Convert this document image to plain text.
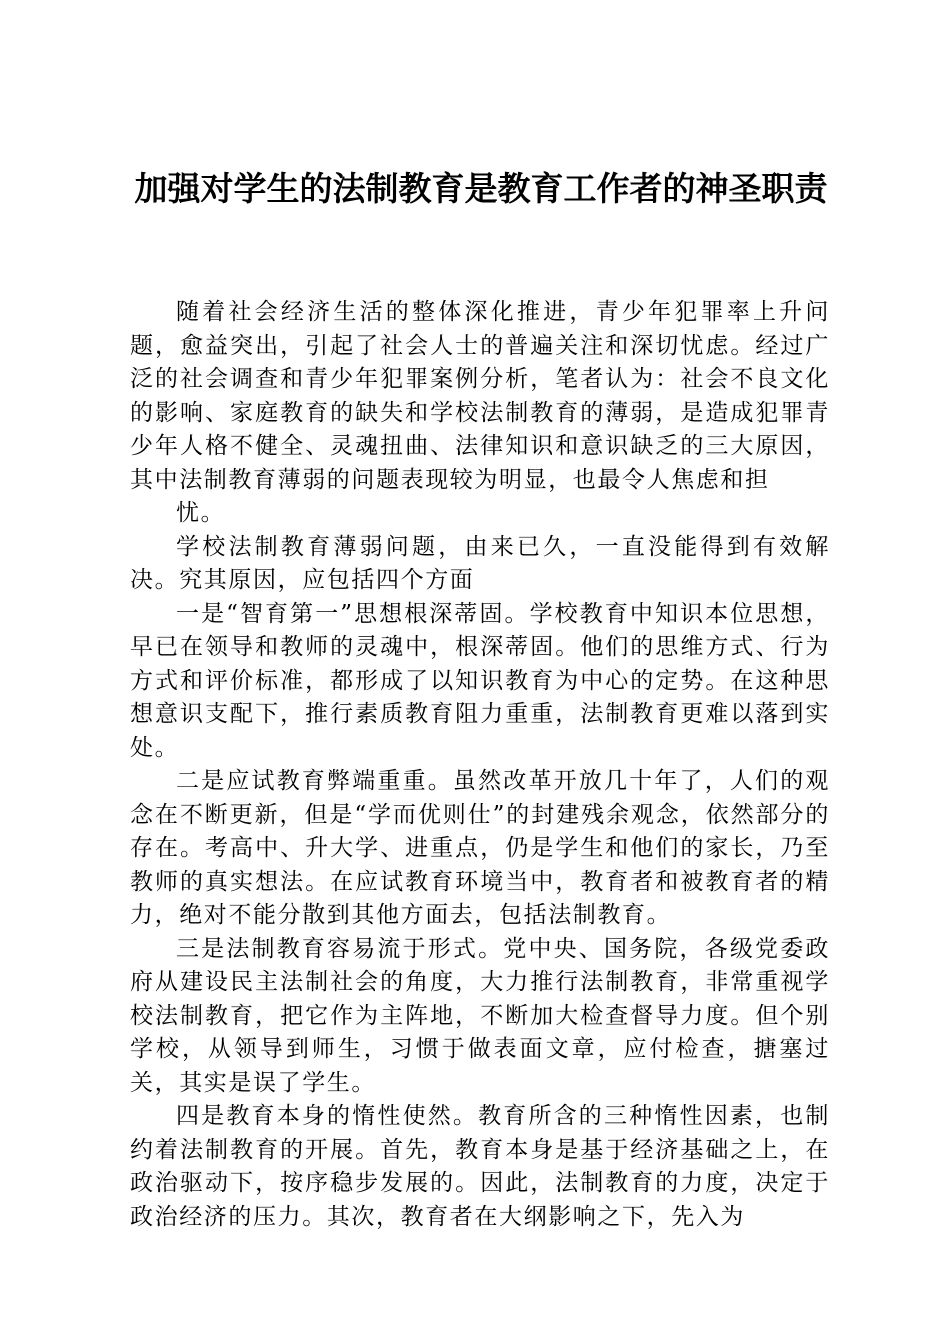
加强对学生的法制教育是教育工作者的神圣职责

随着社会经济生活的整体深化推进，青少年犯罪率上升问题，愈益突出，引起了社会人士的普遍关注和深切忧虑。经过广泛的社会调查和青少年犯罪案例分析，笔者认为：社会不良文化的影响、家庭教育的缺失和学校法制教育的薄弱，是造成犯罪青少年人格不健全、灵魂扭曲、法律知识和意识缺乏的三大原因，其中法制教育薄弱的问题表现较为明显，也最令人焦虑和担

忧。

学校法制教育薄弱问题，由来已久，一直没能得到有效解决。究其原因，应包括四个方面

一是“智育第一”思想根深蒂固。学校教育中知识本位思想，早已在领导和教师的灵魂中，根深蒂固。他们的思维方式、行为方式和评价标准，都形成了以知识教育为中心的定势。在这种思想意识支配下，推行素质教育阻力重重，法制教育更难以落到实处。

二是应试教育弊端重重。虽然改革开放几十年了，人们的观念在不断更新，但是“学而优则仕”的封建残余观念，依然部分的存在。考高中、升大学、进重点，仍是学生和他们的家长，乃至教师的真实想法。在应试教育环境当中，教育者和被教育者的精力，绝对不能分散到其他方面去，包括法制教育。

三是法制教育容易流于形式。党中央、国务院，各级党委政府从建设民主法制社会的角度，大力推行法制教育，非常重视学校法制教育，把它作为主阵地，不断加大检查督导力度。但个别学校，从领导到师生，习惯于做表面文章，应付检查，搪塞过关，其实是误了学生。

四是教育本身的惰性使然。教育所含的三种惰性因素，也制约着法制教育的开展。首先，教育本身是基于经济基础之上，在政治驱动下，按序稳步发展的。因此，法制教育的力度，决定于政治经济的压力。其次，教育者在大纲影响之下，先入为
